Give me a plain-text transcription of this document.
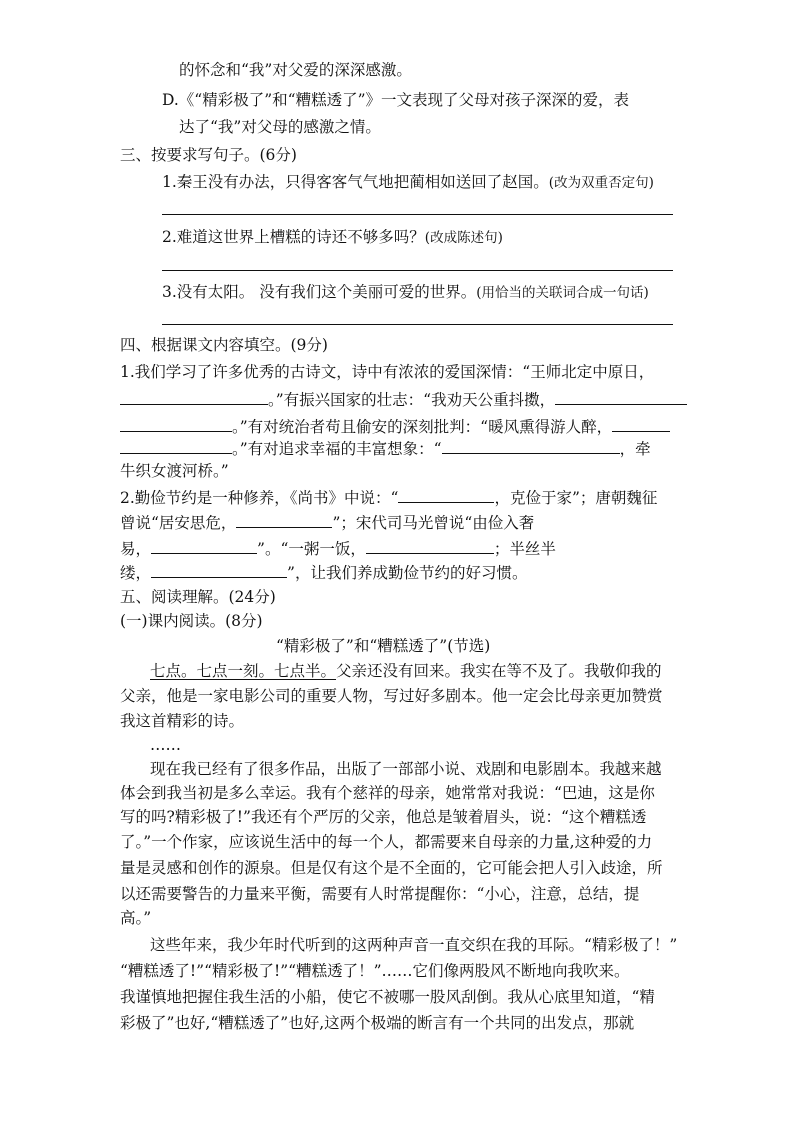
的怀念和“我”对父爱的深深感激。
D.《“精彩极了”和“糟糕透了”》一文表现了父母对孩子深深的爱，表
达了“我”对父母的感激之情。
三、按要求写句子。(6分)
1.秦王没有办法，只得客客气气地把蔺相如送回了赵国。(改为双重否定句)
2.难道这世界上槽糕的诗还不够多吗？(改成陈述句)
3.没有太阳。 没有我们这个美丽可爱的世界。(用恰当的关联词合成一句话)
四、根据课文内容填空。(9分)
1.我们学习了许多优秀的古诗文，诗中有浓浓的爱国深情：“王师北定中原日，
。”有振兴国家的壮志：“我劝天公重抖擞，
。”有对统治者苟且偷安的深刻批判：“暖风熏得游人醉，
。”有对追求幸福的丰富想象：“	，牵
牛织女渡河桥。”
2.勤俭节约是一种修养，《尚书》中说：“	，克俭于家”；唐朝魏征
曾说“居安思危，	”；宋代司马光曾说“由俭入奢
易，	”。“一粥一饭，	；半丝半
缕，	”，让我们养成勤俭节约的好习惯。
五、阅读理解。(24分)
(一)课内阅读。(8分)
“精彩极了”和“糟糕透了”(节选)
七点。七点一刻。七点半。父亲还没有回来。我实在等不及了。我敬仰我的
父亲，他是一家电影公司的重要人物，写过好多剧本。他一定会比母亲更加赞赏
我这首精彩的诗。
……
现在我已经有了很多作品，出版了一部部小说、戏剧和电影剧本。我越来越
体会到我当初是多么幸运。我有个慈祥的母亲，她常常对我说：“巴迪，这是你
写的吗?精彩极了!”我还有个严厉的父亲，他总是皱着眉头，说：“这个糟糕透
了。”一个作家，应该说生活中的每一个人，都需要来自母亲的力量,这种爱的力
量是灵感和创作的源泉。但是仅有这个是不全面的，它可能会把人引入歧途，所
以还需要警告的力量来平衡，需要有人时常提醒你：“小心，注意，总结，提
高。”
这些年来，我少年时代听到的这两种声音一直交织在我的耳际。“精彩极了！”
“糟糕透了!”“精彩极了!”“糟糕透了！”……它们像两股风不断地向我吹来。
我谨慎地把握住我生活的小船，使它不被哪一股风刮倒。我从心底里知道，“精
彩极了”也好,“糟糕透了”也好,这两个极端的断言有一个共同的出发点，那就
